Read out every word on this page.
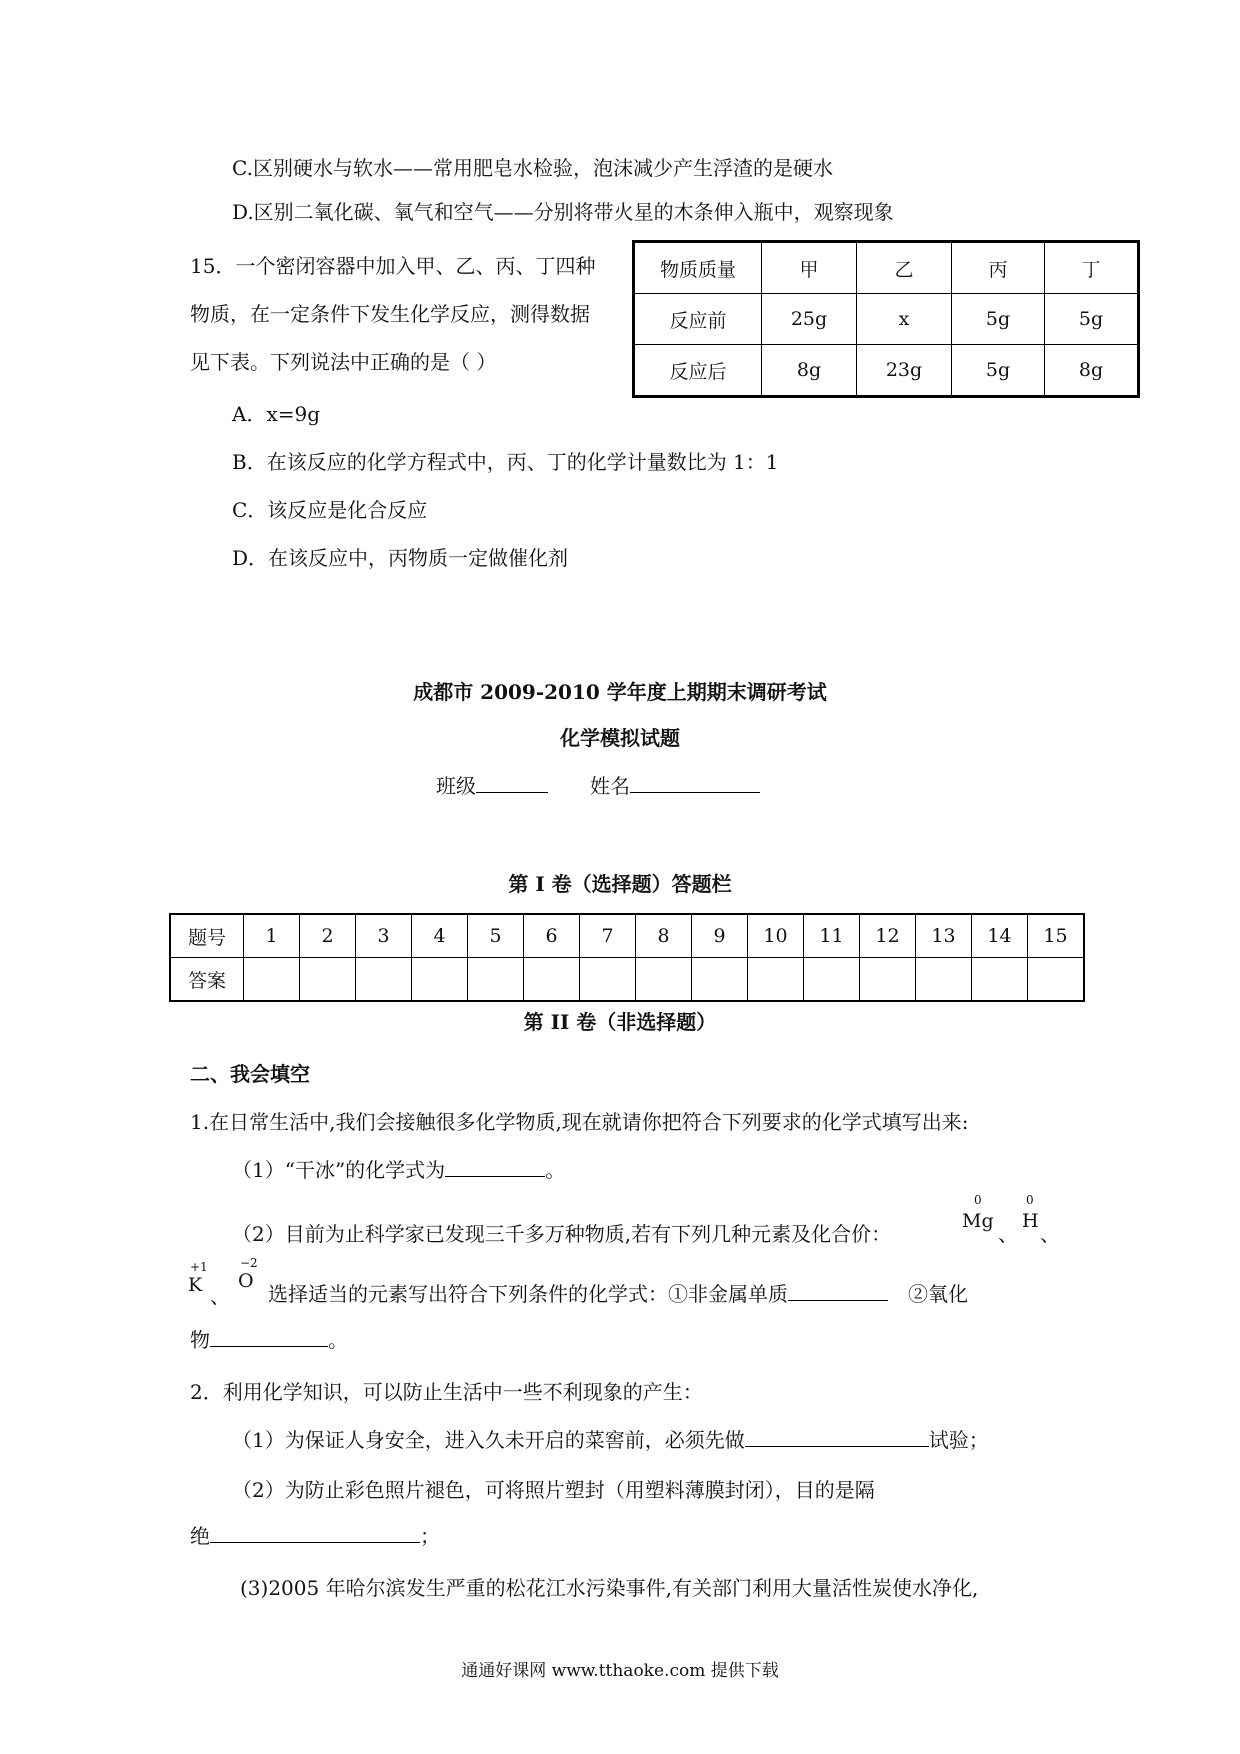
C.区别硬水与软水——常用肥皂水检验，泡沫减少产生浮渣的是硬水
D.区别二氧化碳、氧气和空气——分别将带火星的木条伸入瓶中，观察现象
15．一个密闭容器中加入甲、乙、丙、丁四种
物质，在一定条件下发生化学反应，测得数据
见下表。下列说法中正确的是（ ）
物质质量	甲	乙	丙	丁
反应前	25g	x	5g	5g
反应后	8g	23g	5g	8g
A．x=9g
B．在该反应的化学方程式中，丙、丁的化学计量数比为 1：1
C．该反应是化合反应
D．在该反应中，丙物质一定做催化剂
成都市 2009-2010 学年度上期期末调研考试
化学模拟试题
班级	姓名
第 I 卷（选择题）答题栏
题号	1	2	3	4	5	6	7	8	9	10	11	12	13	14	15
答案															
第 II 卷（非选择题）
二、我会填空
1.在日常生活中,我们会接触很多化学物质,现在就请你把符合下列要求的化学式填写出来:
（1）“干冰”的化学式为	。
（2）目前为止科学家已发现三千多万种物质,若有下列几种元素及化合价：
Mg
0
、
H
0
、
+1
K 、
−2
O
选择适当的元素写出符合下列条件的化学式：①非金属单质	②氧化
物	。
2．利用化学知识，可以防止生活中一些不利现象的产生：
（1）为保证人身安全，进入久未开启的菜窖前，必须先做	试验；
（2）为防止彩色照片褪色，可将照片塑封（用塑料薄膜封闭），目的是隔
绝	；
(3)2005 年哈尔滨发生严重的松花江水污染事件,有关部门利用大量活性炭使水净化,
通通好课网 www.tthaoke.com 提供下载
